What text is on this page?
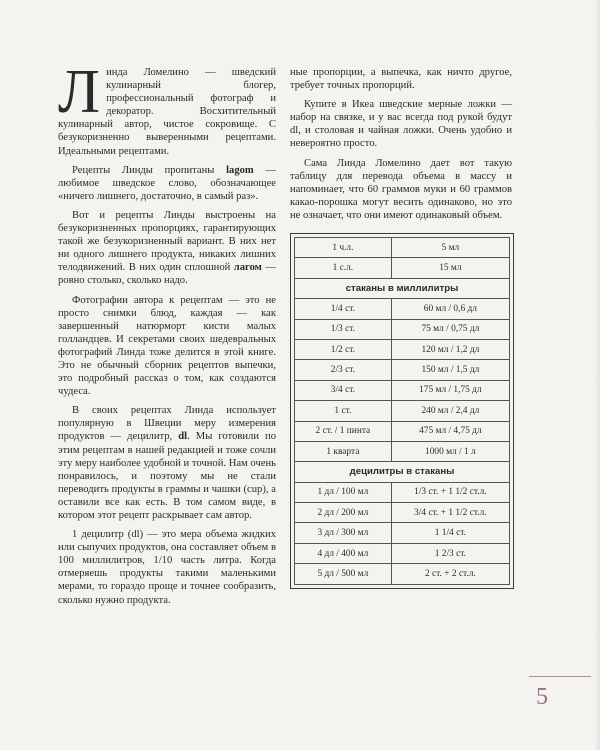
Линда Ломелино — шведский кулинарный блогер, профессиональный фотограф и декоратор. Восхитительный кулинарный автор, чистое сокровище. С безукоризненно выверенными рецептами. Идеальными рецептами.

Рецепты Линды пропитаны lagom — любимое шведское слово, обозначающее «ничего лишнего, достаточно, в самый раз».

Вот и рецепты Линды выстроены на безукоризненных пропорциях, гарантирующих такой же безукоризненный вариант. В них нет ни одного лишнего продукта, никаких лишних телодвижений. В них один сплошной лагом — ровно столько, сколько надо.

Фотографии автора к рецептам — это не просто снимки блюд, каждая — как завершенный натюрморт кисти малых голландцев. И секретами своих шедевральных фотографий Линда тоже делится в этой книге. Это не обычный сборник рецептов выпечки, это подробный рассказ о том, как создаются чудеса.

В своих рецептах Линда использует популярную в Швеции меру измерения продуктов — децилитр, dl. Мы готовили по этим рецептам в нашей редакцией и тоже сочли эту меру наиболее удобной и точной. Нам очень понравилось, и поэтому мы не стали переводить продукты в граммы и чашки (cup), а оставили все как есть. В том самом виде, в котором этот рецепт раскрывает сам автор.

1 децилитр (dl) — это мера объема жидких или сыпучих продуктов, она составляет объем в 100 миллилитров, 1/10 часть литра. Когда отмеряешь продукты такими маленькими мерами, то гораздо проще и точнее сообразить, сколько нужно продукта.

ные пропорции, а выпечка, как ничто другое, требует точных пропорций.

Купите в Икеа шведские мерные ложки — набор на связке, и у вас всегда под рукой будут dl, и столовая и чайная ложки. Очень удобно и невероятно просто.

Сама Линда Ломелино дает вот такую таблицу для перевода объема в массу и напоминает, что 60 граммов муки и 60 граммов какао-порошка могут весить одинаково, но это не означает, что они имеют одинаковый объем.

1 ч.л.	5 мл
1 с.л.	15 мл
стаканы в миллилитры	
1/4 ст.	60 мл / 0,6 дл
1/3 ст.	75 мл / 0,75 дл
1/2 ст.	120 мл / 1,2 дл
2/3 ст.	150 мл / 1,5 дл
3/4 ст.	175 мл / 1,75 дл
1 ст.	240 мл / 2,4 дл
2 ст. / 1 пинта	475 мл / 4,75 дл
1 кварта	1000 мл / 1 л
децилитры в стаканы	
1 дл / 100 мл	1/3 ст. + 1 1/2 ст.л.
2 дл / 200 мл	3/4 ст. + 1 1/2 ст.л.
3 дл / 300 мл	1 1/4 ст.
4 дл / 400 мл	1 2/3 ст.
5 дл / 500 мл	2 ст. + 2 ст.л.
5
